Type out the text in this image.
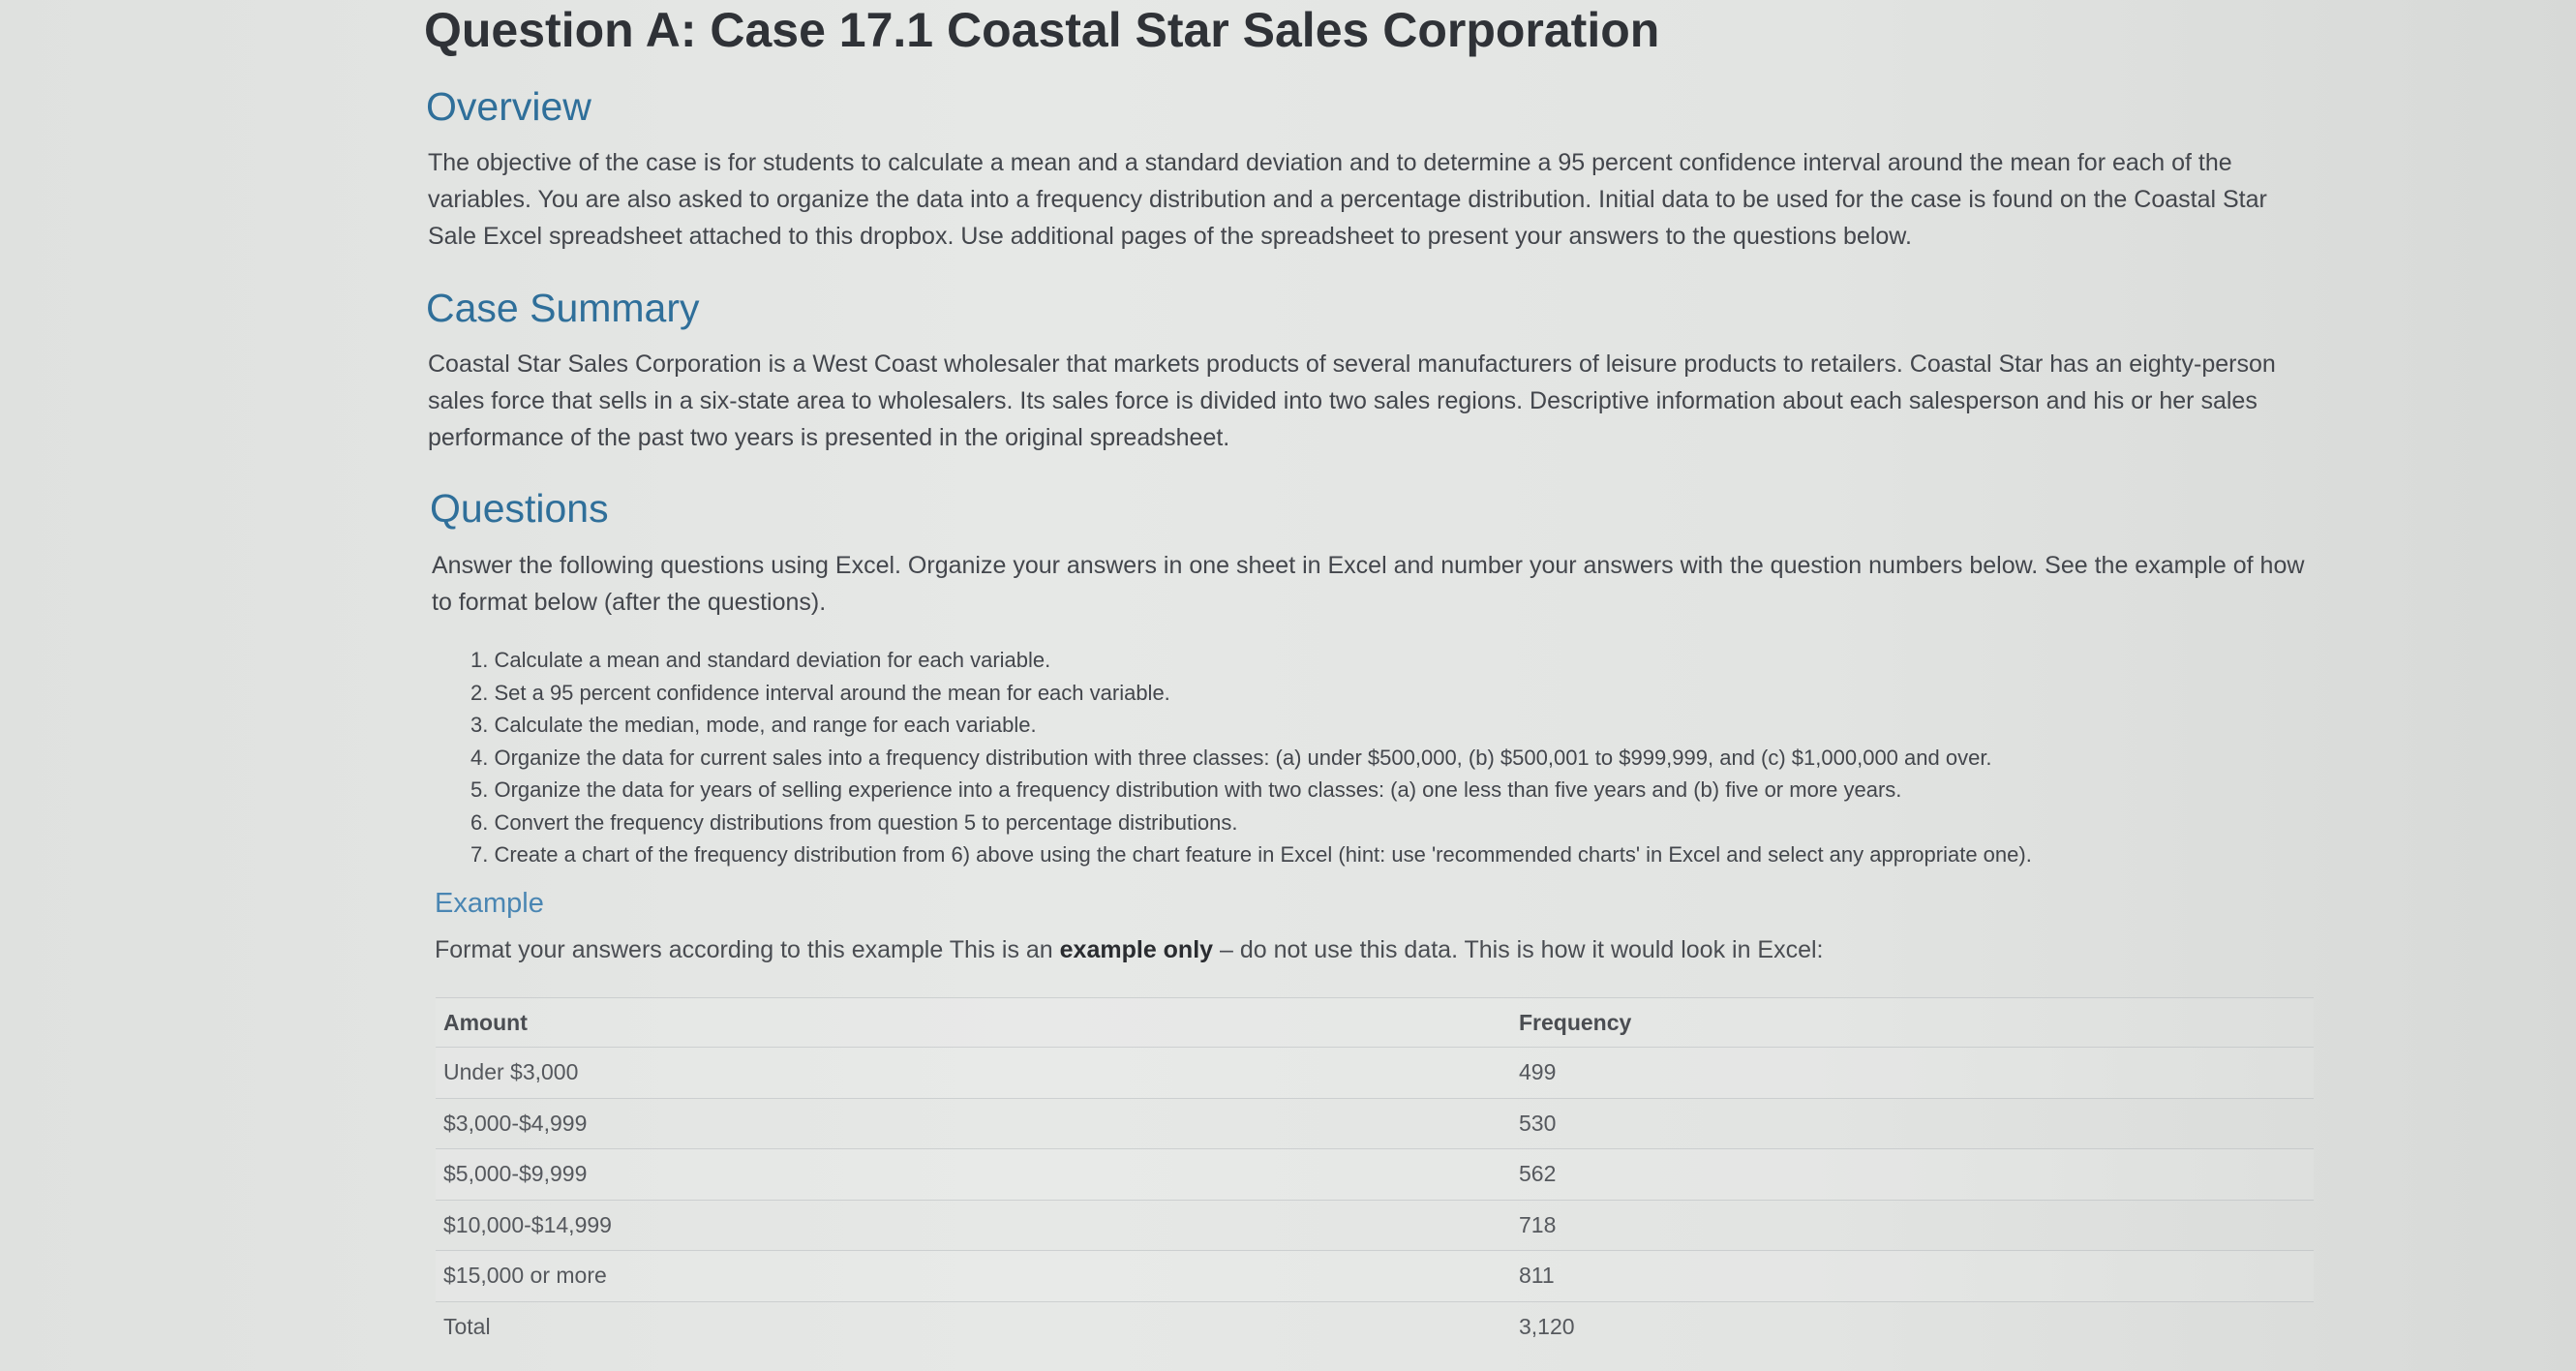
Question A: Case 17.1 Coastal Star Sales Corporation
Overview

The objective of the case is for students to calculate a mean and a standard deviation and to determine a 95 percent confidence interval around the mean for each of the variables. You are also asked to organize the data into a frequency distribution and a percentage distribution. Initial data to be used for the case is found on the Coastal Star Sale Excel spreadsheet attached to this dropbox. Use additional pages of the spreadsheet to present your answers to the questions below.

Case Summary

Coastal Star Sales Corporation is a West Coast wholesaler that markets products of several manufacturers of leisure products to retailers. Coastal Star has an eighty-person sales force that sells in a six-state area to wholesalers. Its sales force is divided into two sales regions. Descriptive information about each salesperson and his or her sales performance of the past two years is presented in the original spreadsheet.

Questions

Answer the following questions using Excel. Organize your answers in one sheet in Excel and number your answers with the question numbers below. See the example of how to format below (after the questions).

1. Calculate a mean and standard deviation for each variable.
2. Set a 95 percent confidence interval around the mean for each variable.
3. Calculate the median, mode, and range for each variable.
4. Organize the data for current sales into a frequency distribution with three classes: (a) under $500,000, (b) $500,001 to $999,999, and (c) $1,000,000 and over.
5. Organize the data for years of selling experience into a frequency distribution with two classes: (a) one less than five years and (b) five or more years.
6. Convert the frequency distributions from question 5 to percentage distributions.
7. Create a chart of the frequency distribution from 6) above using the chart feature in Excel (hint: use 'recommended charts' in Excel and select any appropriate one).
Example

Format your answers according to this example This is an example only – do not use this data. This is how it would look in Excel:

Amount	Frequency
Under $3,000	499
$3,000-$4,999	530
$5,000-$9,999	562
$10,000-$14,999	718
$15,000 or more	811
Total	3,120
